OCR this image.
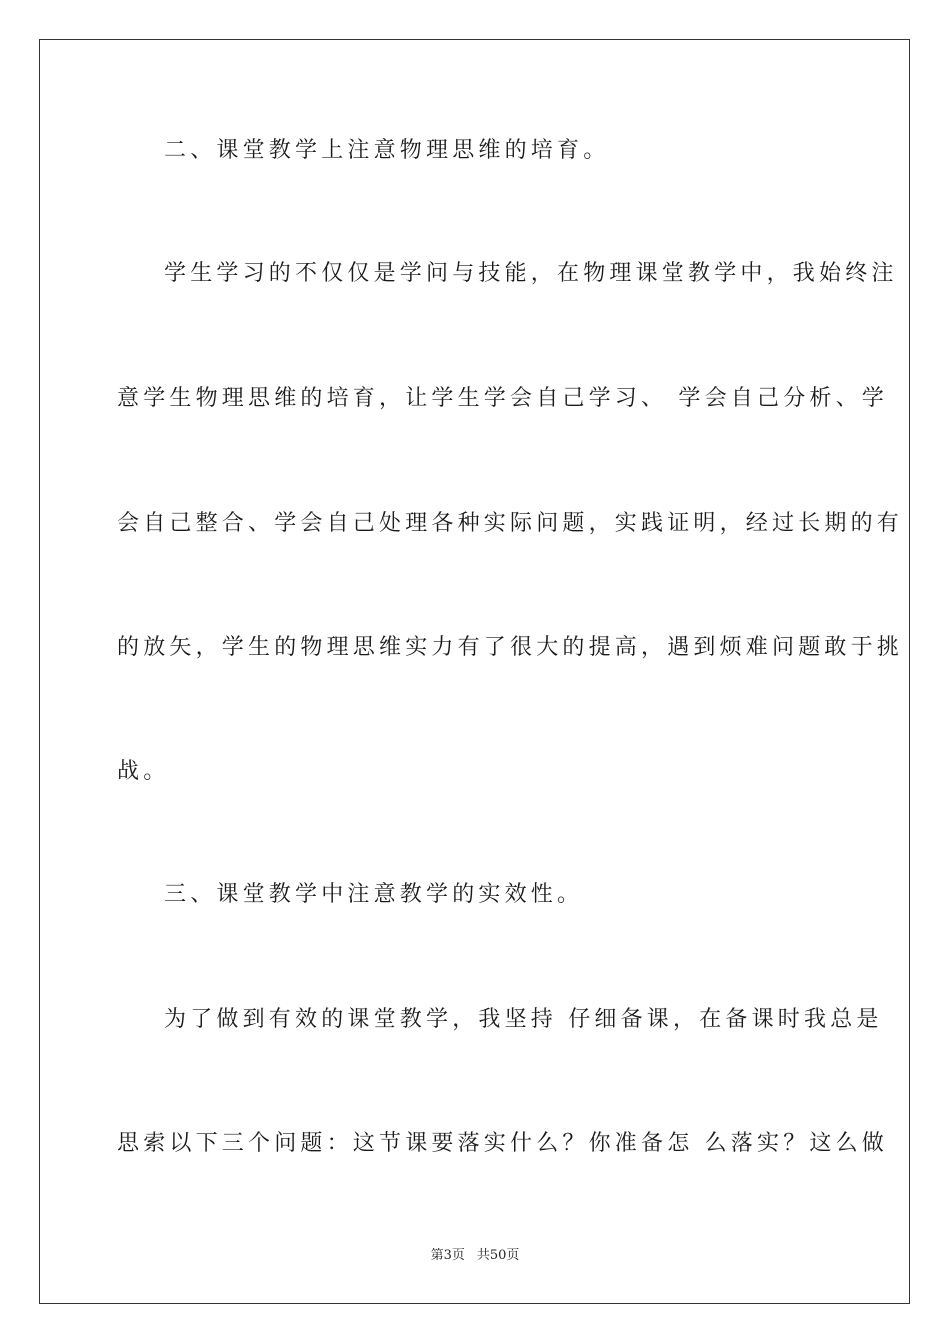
二、课堂教学上注意物理思维的培育。
学生学习的不仅仅是学问与技能，在物理课堂教学中，我始终注
意学生物理思维的培育，让学生学会自己学习、 学会自己分析、学
会自己整合、学会自己处理各种实际问题，实践证明，经过长期的有
的放矢，学生的物理思维实力有了很大的提高，遇到烦难问题敢于挑
战。
三、课堂教学中注意教学的实效性。
为了做到有效的课堂教学，我坚持 仔细备课，在备课时我总是
思索以下三个问题：这节课要落实什么？你准备怎 么落实？这么做
第3页 共50页
